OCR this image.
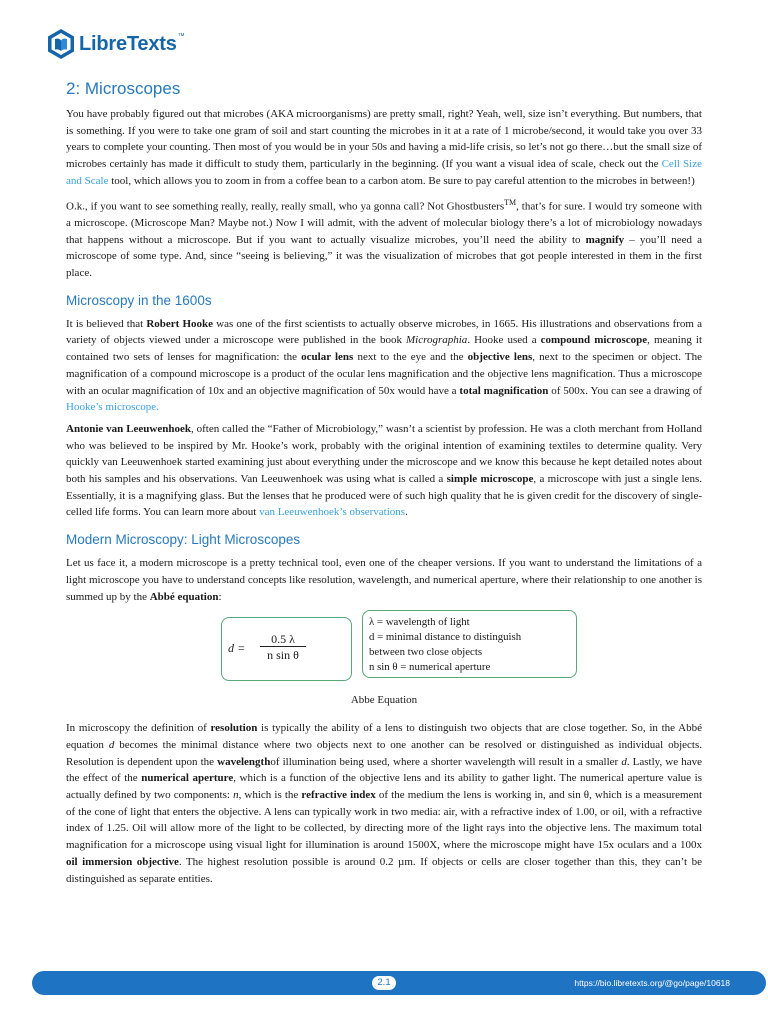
LibreTexts™
2: Microscopes

You have probably figured out that microbes (AKA microorganisms) are pretty small, right? Yeah, well, size isn’t everything. But numbers, that is something. If you were to take one gram of soil and start counting the microbes in it at a rate of 1 microbe/second, it would take you over 33 years to complete your counting. Then most of you would be in your 50s and having a mid-life crisis, so let’s not go there…but the small size of microbes certainly has made it difficult to study them, particularly in the beginning. (If you want a visual idea of scale, check out the Cell Size and Scale tool, which allows you to zoom in from a coffee bean to a carbon atom. Be sure to pay careful attention to the microbes in between!)

O.k., if you want to see something really, really, really small, who ya gonna call? Not Ghostbusters™, that’s for sure. I would try someone with a microscope. (Microscope Man? Maybe not.) Now I will admit, with the advent of molecular biology there’s a lot of microbiology nowadays that happens without a microscope. But if you want to actually visualize microbes, you’ll need the ability to magnify – you’ll need a microscope of some type. And, since “seeing is believing,” it was the visualization of microbes that got people interested in them in the first place.

Microscopy in the 1600s

It is believed that Robert Hooke was one of the first scientists to actually observe microbes, in 1665. His illustrations and observations from a variety of objects viewed under a microscope were published in the book Micrographia. Hooke used a compound microscope, meaning it contained two sets of lenses for magnification: the ocular lens next to the eye and the objective lens, next to the specimen or object. The magnification of a compound microscope is a product of the ocular lens magnification and the objective lens magnification. Thus a microscope with an ocular magnification of 10x and an objective magnification of 50x would have a total magnification of 500x. You can see a drawing of Hooke’s microscope.

Antonie van Leeuwenhoek, often called the “Father of Microbiology,” wasn’t a scientist by profession. He was a cloth merchant from Holland who was believed to be inspired by Mr. Hooke’s work, probably with the original intention of examining textiles to determine quality. Very quickly van Leeuwenhoek started examining just about everything under the microscope and we know this because he kept detailed notes about both his samples and his observations. Van Leeuwenhoek was using what is called a simple microscope, a microscope with just a single lens. Essentially, it is a magnifying glass. But the lenses that he produced were of such high quality that he is given credit for the discovery of single-celled life forms. You can learn more about van Leeuwenhoek’s observations.

Modern Microscopy: Light Microscopes

Let us face it, a modern microscope is a pretty technical tool, even one of the cheaper versions. If you want to understand the limitations of a light microscope you have to understand concepts like resolution, wavelength, and numerical aperture, where their relationship to one another is summed up by the Abbé equation:

d =
0.5 λ
n sin θ
λ = wavelength of light
d = minimal distance to distinguish
between two close objects
n sin θ = numerical aperture
Abbe Equation

In microscopy the definition of resolution is typically the ability of a lens to distinguish two objects that are close together. So, in the Abbé equation d becomes the minimal distance where two objects next to one another can be resolved or distinguished as individual objects. Resolution is dependent upon the wavelengthof illumination being used, where a shorter wavelength will result in a smaller d. Lastly, we have the effect of the numerical aperture, which is a function of the objective lens and its ability to gather light. The numerical aperture value is actually defined by two components: n, which is the refractive index of the medium the lens is working in, and sin θ, which is a measurement of the cone of light that enters the objective. A lens can typically work in two media: air, with a refractive index of 1.00, or oil, with a refractive index of 1.25. Oil will allow more of the light to be collected, by directing more of the light rays into the objective lens. The maximum total magnification for a microscope using visual light for illumination is around 1500X, where the microscope might have 15x oculars and a 100x oil immersion objective. The highest resolution possible is around 0.2 µm. If objects or cells are closer together than this, they can’t be distinguished as separate entities.

2.1	https://bio.libretexts.org/@go/page/10618
